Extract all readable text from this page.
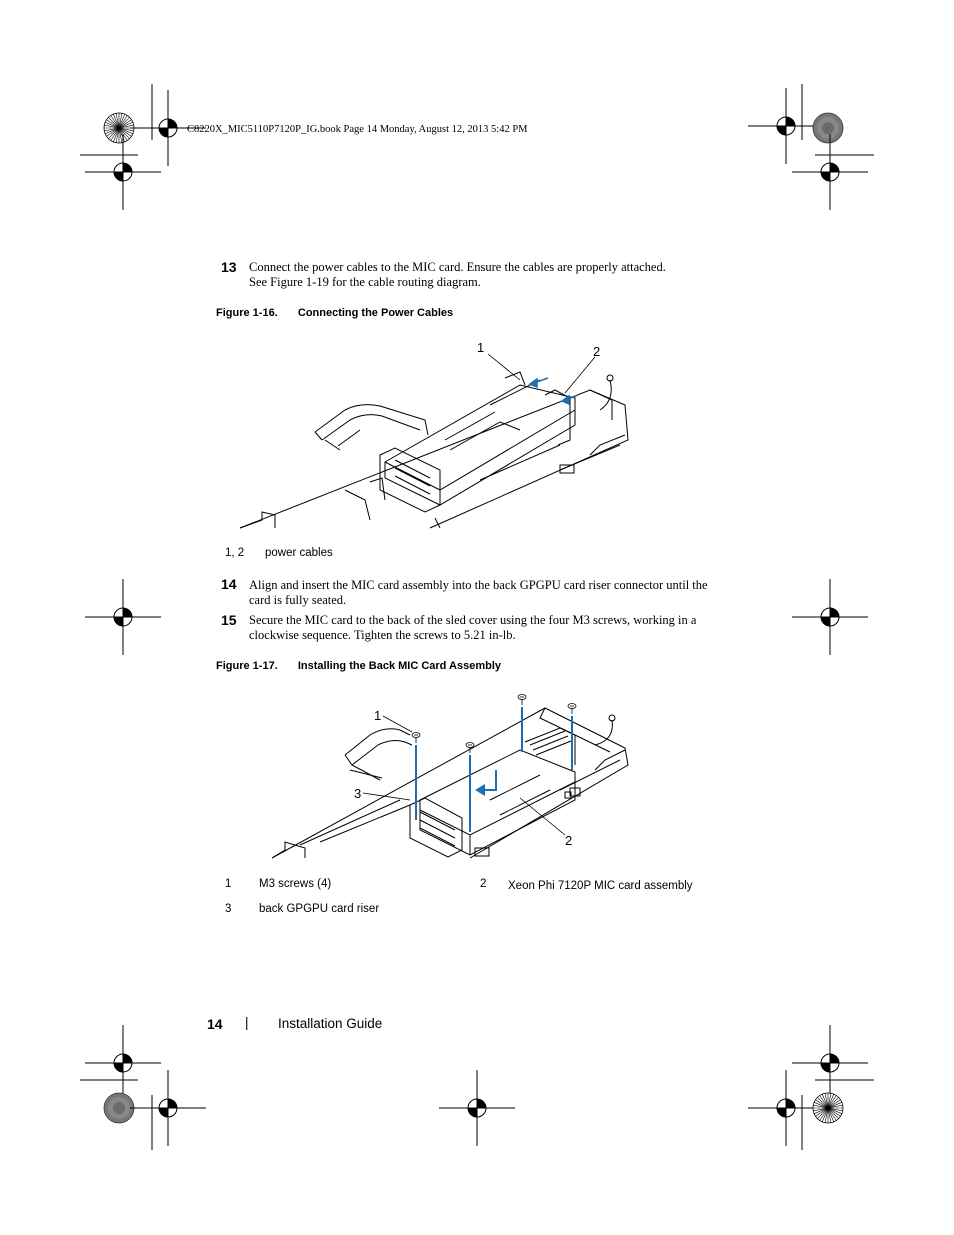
C8220X_MIC5110P7120P_IG.book Page 14 Monday, August 12, 2013 5:42 PM
13 Connect the power cables to the MIC card. Ensure the cables are properly attached.
See Figure 1-19 for the cable routing diagram.
Figure 1-16. Connecting the Power Cables
1	2
1, 2 power cables
14 Align and insert the MIC card assembly into the back GPGPU card riser connector until the
card is fully seated.
15 Secure the MIC card to the back of the sled cover using the four M3 screws, working in a
clockwise sequence. Tighten the screws to 5.21 in-lb.
Figure 1-17. Installing the Back MIC Card Assembly
1
3
2
1 M3 screws (4)	2 Xeon Phi 7120P MIC card assembly
3 back GPGPU card riser
14 | Installation Guide
